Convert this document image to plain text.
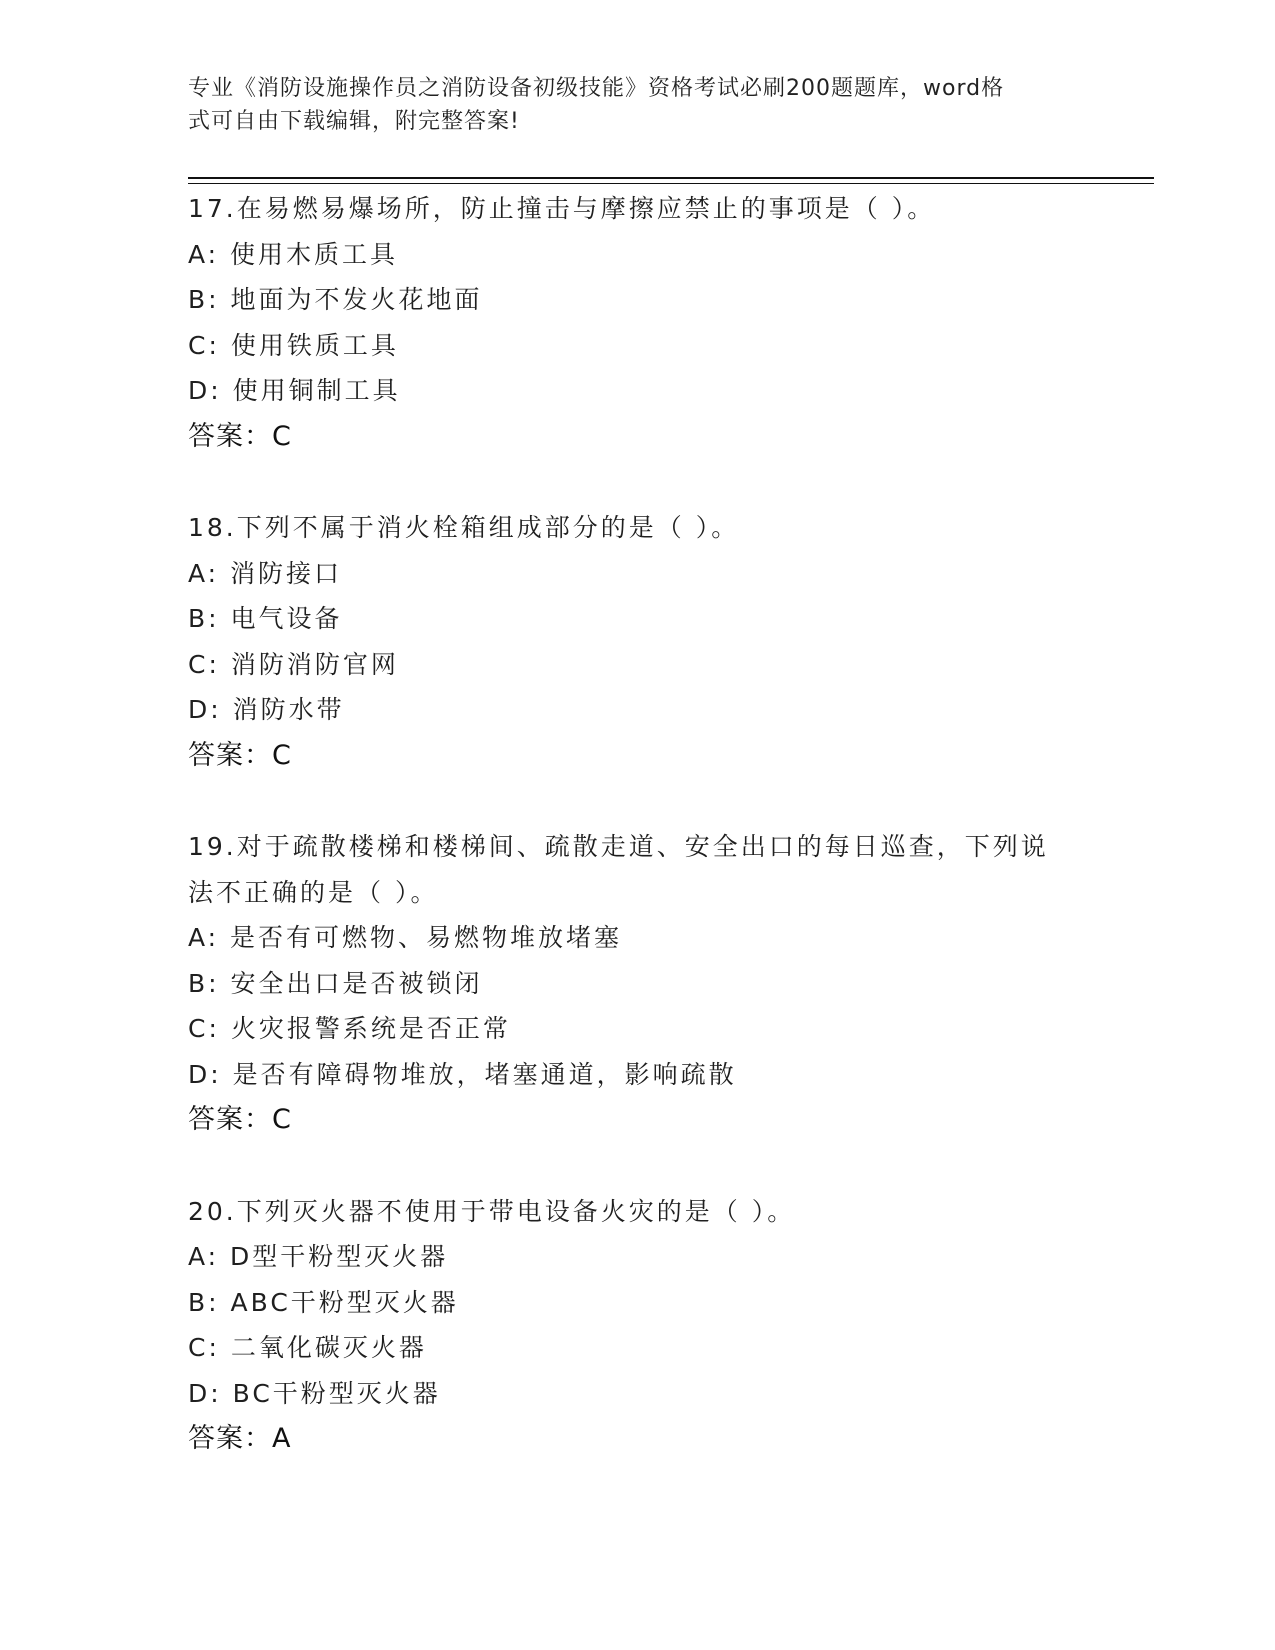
专业《消防设施操作员之消防设备初级技能》资格考试必刷200题题库，word格
式可自由下载编辑，附完整答案!
17.在易燃易爆场所，防止撞击与摩擦应禁止的事项是（ ）。
A: 使用木质工具
B: 地面为不发火花地面
C: 使用铁质工具
D: 使用铜制工具
答案：C
18.下列不属于消火栓箱组成部分的是（ ）。
A: 消防接口
B: 电气设备
C: 消防消防官网
D: 消防水带
答案：C
19.对于疏散楼梯和楼梯间、疏散走道、安全出口的每日巡查，下列说法不正确的是（ ）。
A: 是否有可燃物、易燃物堆放堵塞
B: 安全出口是否被锁闭
C: 火灾报警系统是否正常
D: 是否有障碍物堆放，堵塞通道，影响疏散
答案：C
20.下列灭火器不使用于带电设备火灾的是（ ）。
A: D型干粉型灭火器
B: ABC干粉型灭火器
C: 二氧化碳灭火器
D: BC干粉型灭火器
答案：A
